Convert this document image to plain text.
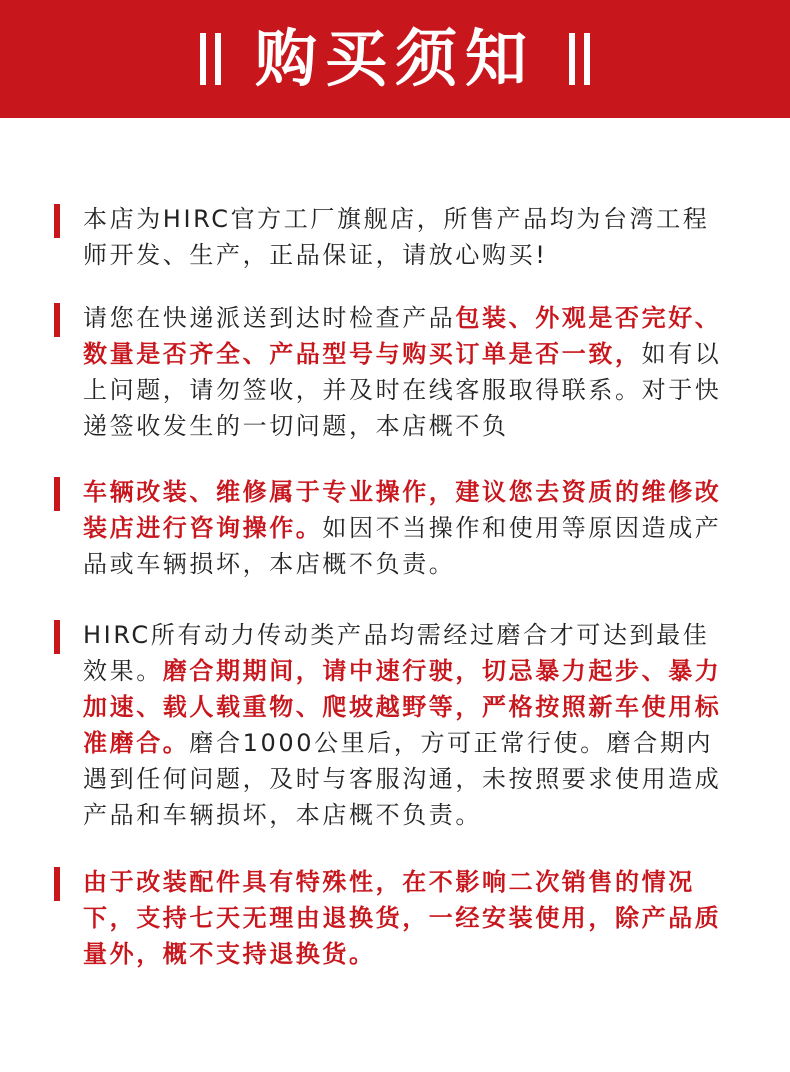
购买须知
本店为HIRC官方工厂旗舰店，所售产品均为台湾工程师开发、生产，正品保证，请放心购买!
请您在快递派送到达时检查产品包装、外观是否完好、数量是否齐全、产品型号与购买订单是否一致，如有以上问题，请勿签收，并及时在线客服取得联系。对于快递签收发生的一切问题，本店概不负
车辆改装、维修属于专业操作，建议您去资质的维修改装店进行咨询操作。如因不当操作和使用等原因造成产品或车辆损坏，本店概不负责。
HIRC所有动力传动类产品均需经过磨合才可达到最佳效果。磨合期期间，请中速行驶，切忌暴力起步、暴力加速、载人载重物、爬坡越野等，严格按照新车使用标准磨合。磨合1000公里后，方可正常行使。磨合期内遇到任何问题，及时与客服沟通，未按照要求使用造成产品和车辆损坏，本店概不负责。
由于改装配件具有特殊性，在不影响二次销售的情况下，支持七天无理由退换货，一经安装使用，除产品质量外，概不支持退换货。
